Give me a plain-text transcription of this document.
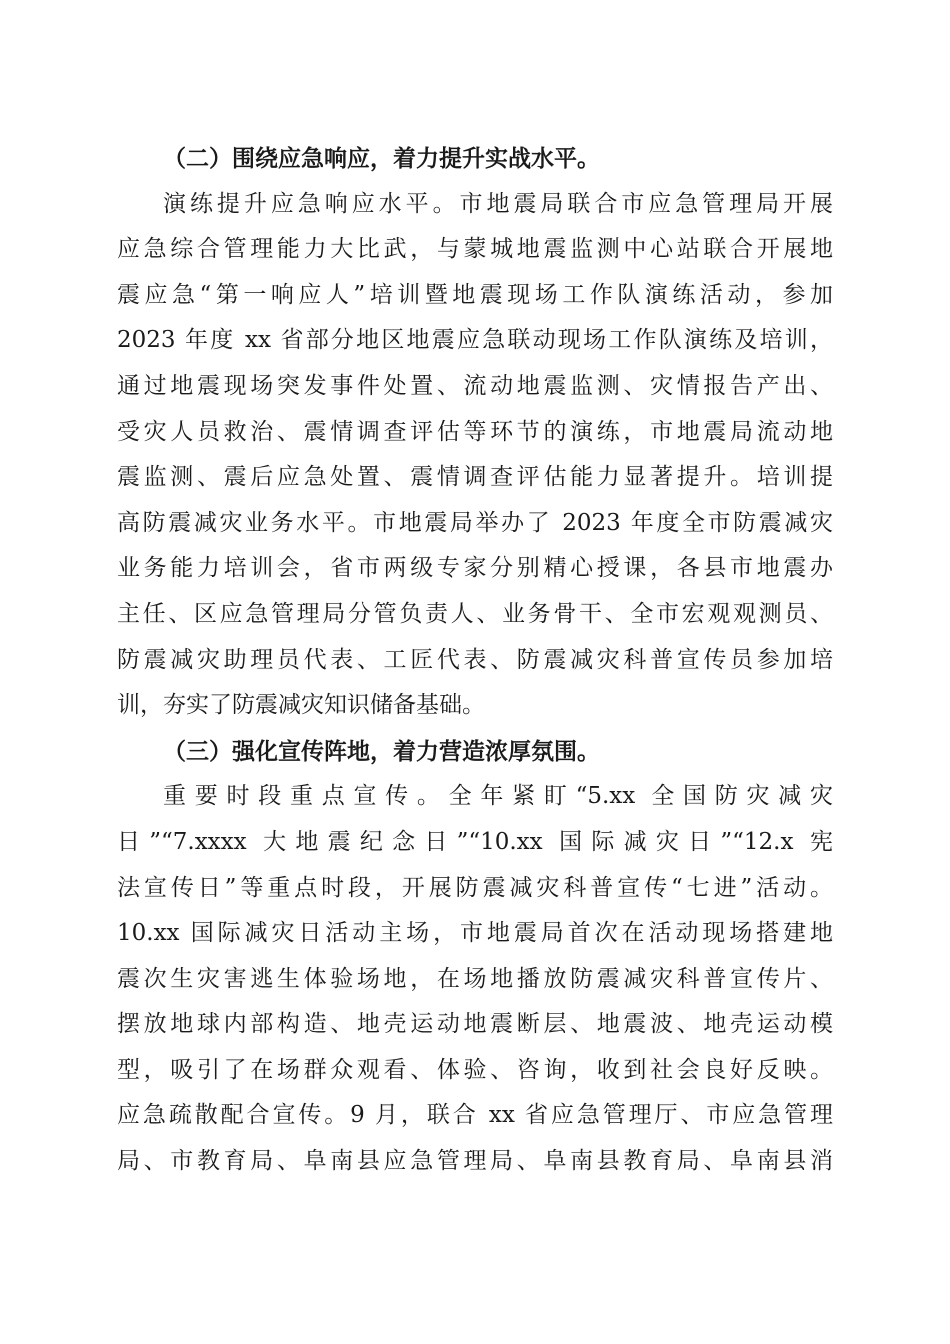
（二）围绕应急响应，着力提升实战水平。
演练提升应急响应水平。市地震局联合市应急管理局开展
应急综合管理能力大比武，与蒙城地震监测中心站联合开展地
震应急“第一响应人”培训暨地震现场工作队演练活动，参加
2023 年度 xx 省部分地区地震应急联动现场工作队演练及培训，
通过地震现场突发事件处置、流动地震监测、灾情报告产出、
受灾人员救治、震情调查评估等环节的演练，市地震局流动地
震监测、震后应急处置、震情调查评估能力显著提升。培训提
高防震减灾业务水平。市地震局举办了 2023 年度全市防震减灾
业务能力培训会，省市两级专家分别精心授课，各县市地震办
主任、区应急管理局分管负责人、业务骨干、全市宏观观测员、
防震减灾助理员代表、工匠代表、防震减灾科普宣传员参加培
训，夯实了防震减灾知识储备基础。
（三）强化宣传阵地，着力营造浓厚氛围。
重要时段重点宣传。全年紧盯“5.xx 全国防灾减灾
日”“7.xxxx 大地震纪念日”“10.xx 国际减灾日”“12.x 宪
法宣传日”等重点时段，开展防震减灾科普宣传“七进”活动。
10.xx 国际减灾日活动主场，市地震局首次在活动现场搭建地
震次生灾害逃生体验场地，在场地播放防震减灾科普宣传片、
摆放地球内部构造、地壳运动地震断层、地震波、地壳运动模
型，吸引了在场群众观看、体验、咨询，收到社会良好反映。
应急疏散配合宣传。9 月，联合 xx 省应急管理厅、市应急管理
局、市教育局、阜南县应急管理局、阜南县教育局、阜南县消
